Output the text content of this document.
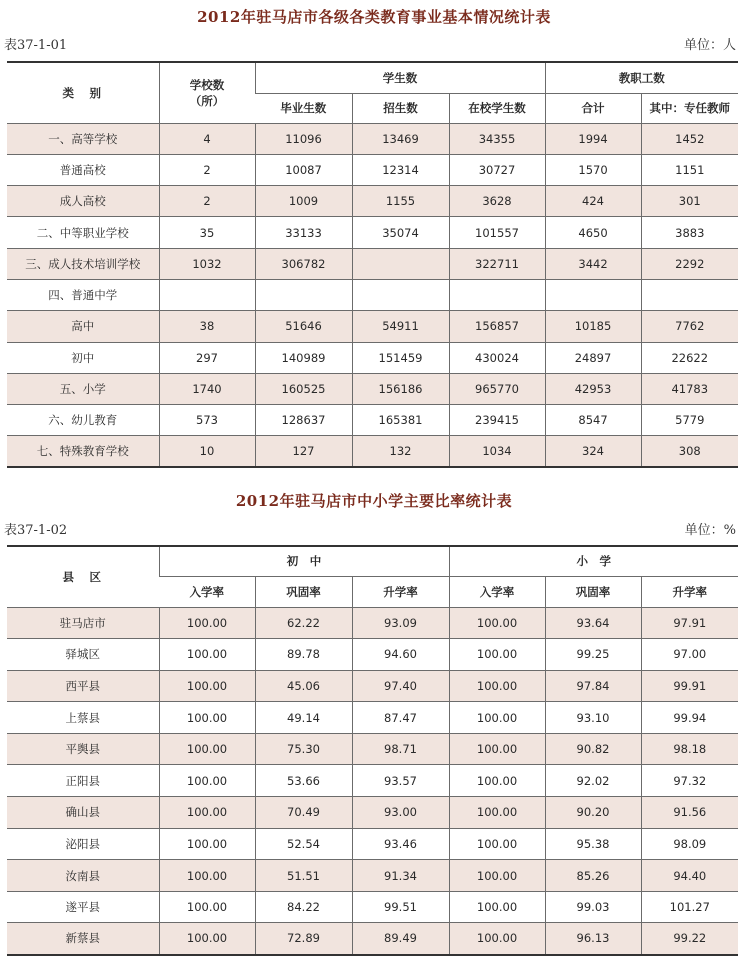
2012年驻马店市各级各类教育事业基本情况统计表
表37-1-01	单位：人
类　别	学校数（所）	学生数			教职工数	
		毕业生数	招生数	在校学生数	合计	其中：专任教师
一、高等学校	4	11096	13469	34355	1994	1452
普通高校	2	10087	12314	30727	1570	1151
成人高校	2	1009	1155	3628	424	301
二、中等职业学校	35	33133	35074	101557	4650	3883
三、成人技术培训学校	1032	306782		322711	3442	2292
四、普通中学						
高中	38	51646	54911	156857	10185	7762
初中	297	140989	151459	430024	24897	22622
五、小学	1740	160525	156186	965770	42953	41783
六、幼儿教育	573	128637	165381	239415	8547	5779
七、特殊教育学校	10	127	132	1034	324	308
2012年驻马店市中小学主要比率统计表
表37-1-02	单位：%
县　区	初　中			小　学		
	入学率	巩固率	升学率	入学率	巩固率	升学率
驻马店市	100.00	62.22	93.09	100.00	93.64	97.91
驿城区	100.00	89.78	94.60	100.00	99.25	97.00
西平县	100.00	45.06	97.40	100.00	97.84	99.91
上蔡县	100.00	49.14	87.47	100.00	93.10	99.94
平舆县	100.00	75.30	98.71	100.00	90.82	98.18
正阳县	100.00	53.66	93.57	100.00	92.02	97.32
确山县	100.00	70.49	93.00	100.00	90.20	91.56
泌阳县	100.00	52.54	93.46	100.00	95.38	98.09
汝南县	100.00	51.51	91.34	100.00	85.26	94.40
遂平县	100.00	84.22	99.51	100.00	99.03	101.27
新蔡县	100.00	72.89	89.49	100.00	96.13	99.22
